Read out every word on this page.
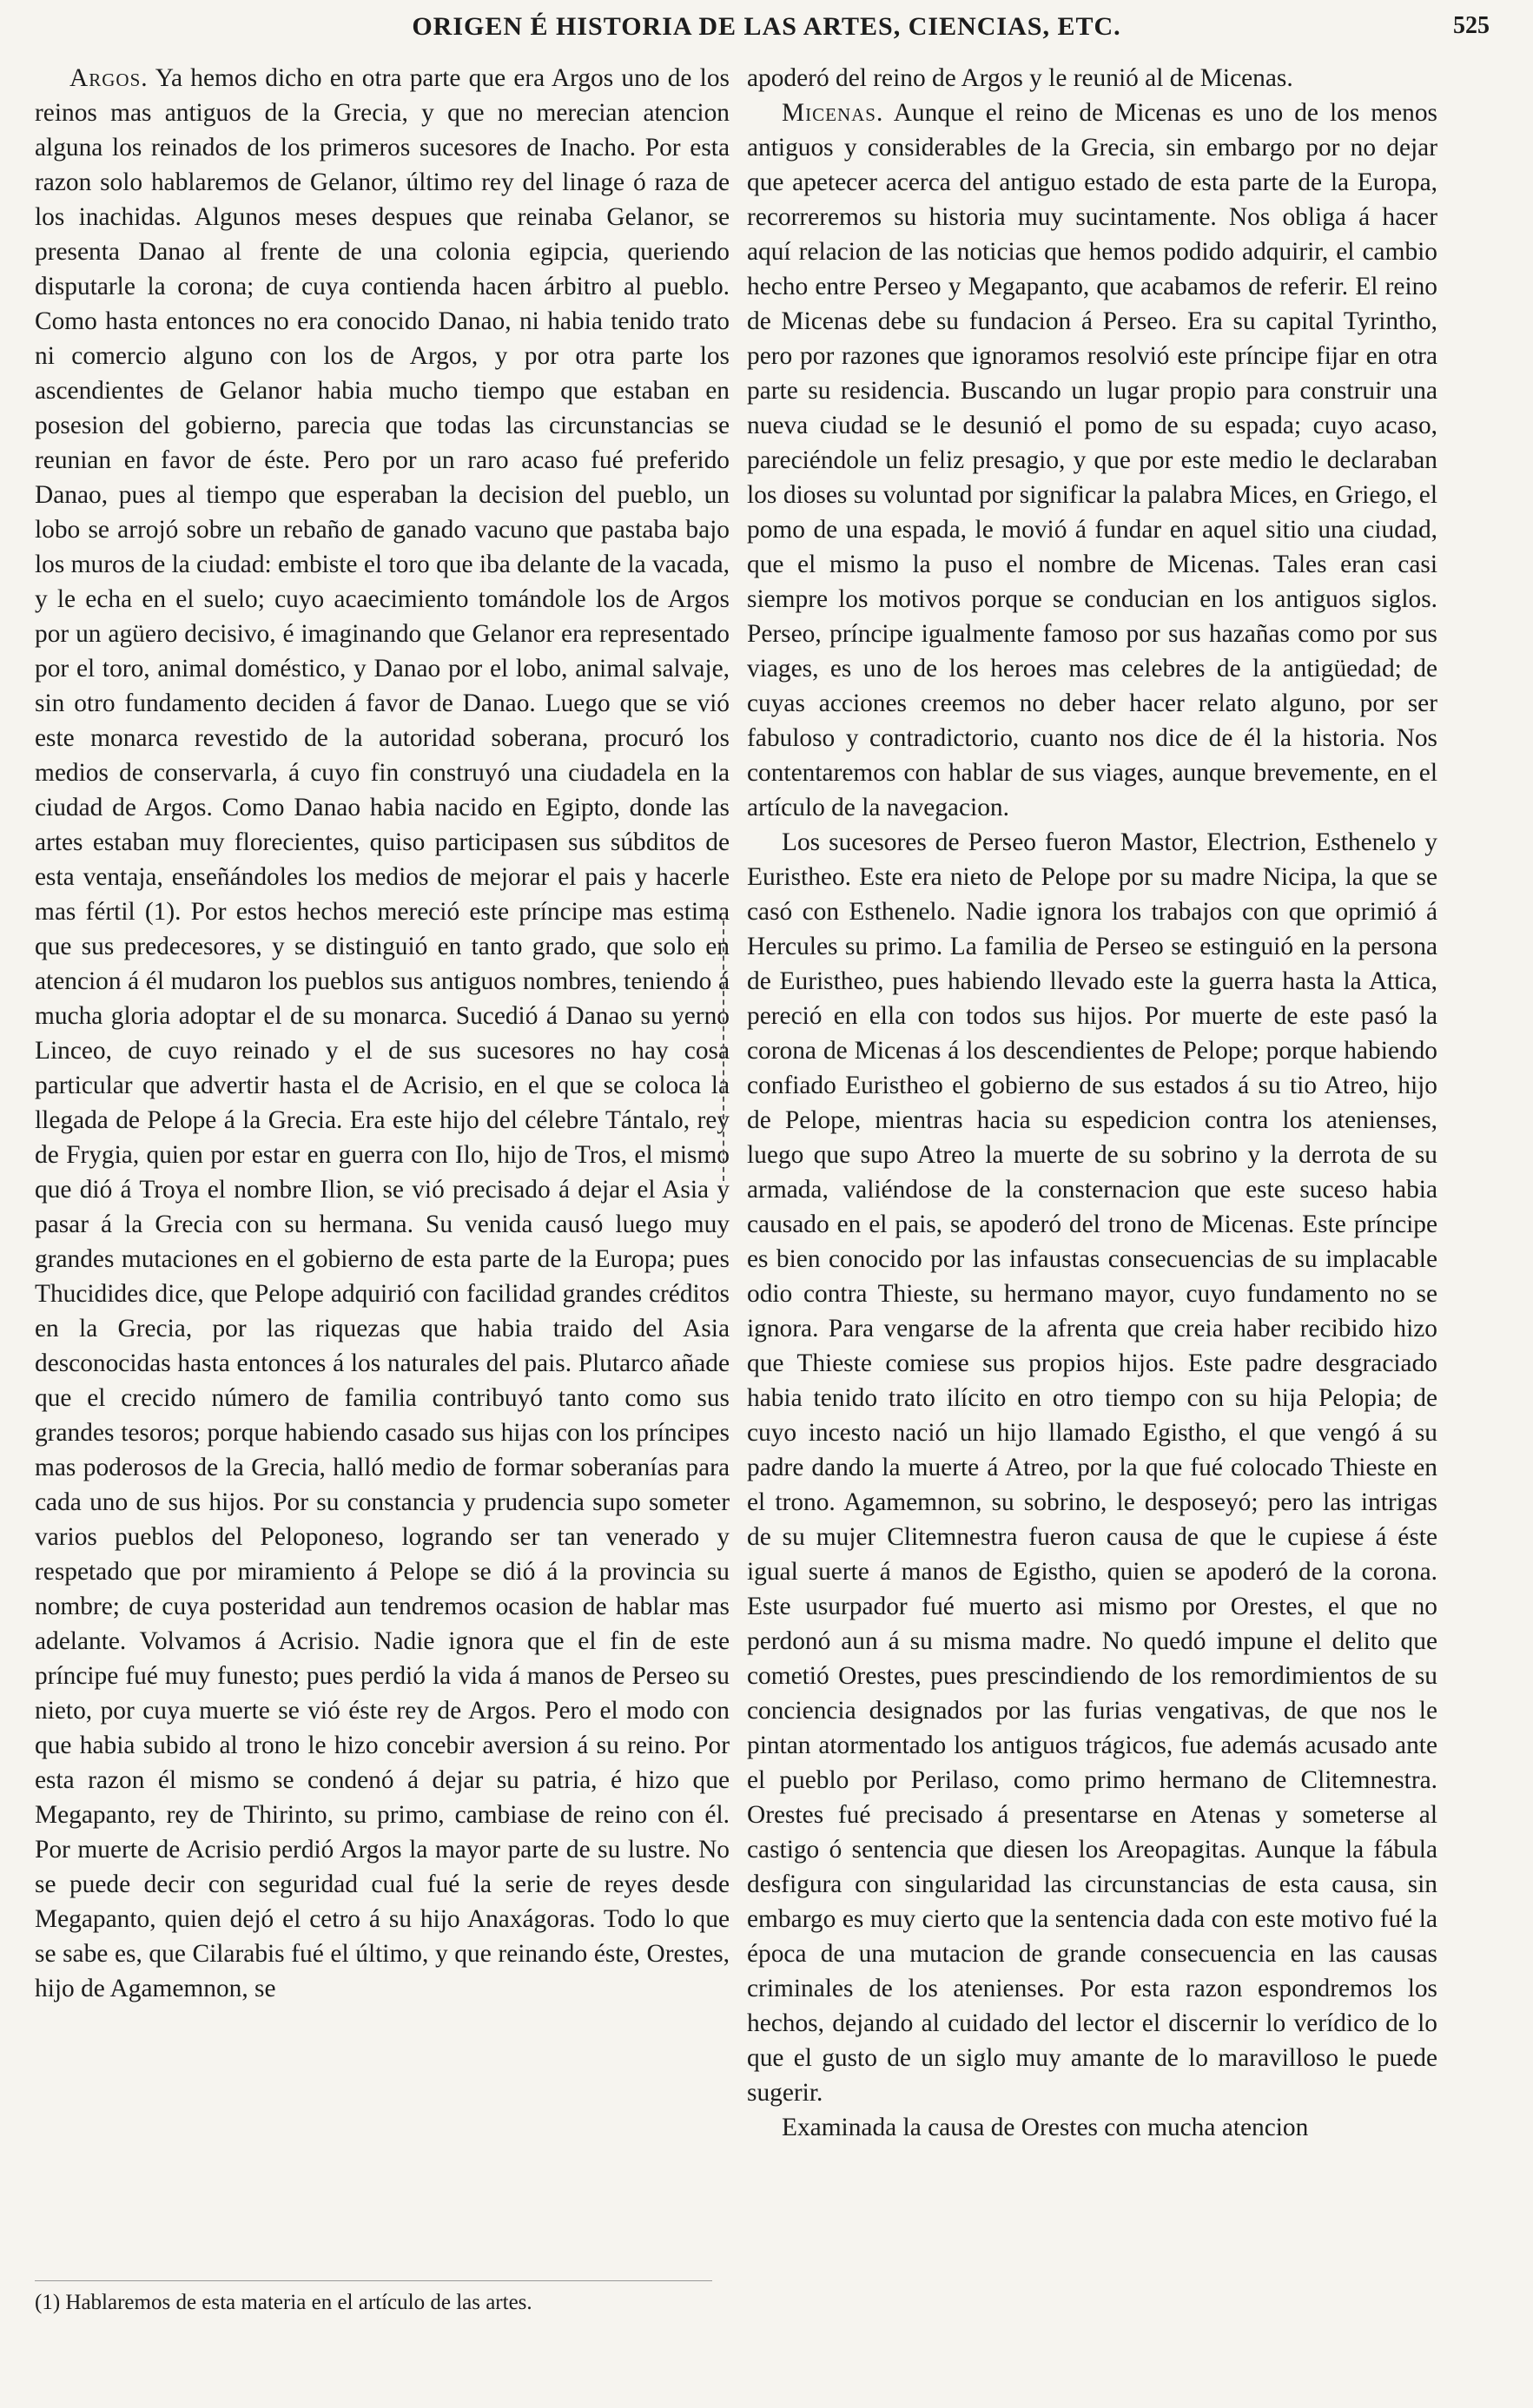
ORIGEN É HISTORIA DE LAS ARTES, CIENCIAS, ETC.	525

Argos. Ya hemos dicho en otra parte que era Argos uno de los reinos mas antiguos de la Grecia, y que no merecian atencion alguna los reinados de los primeros sucesores de Inacho. Por esta razon solo hablaremos de Gelanor, último rey del linage ó raza de los inachidas. Algunos meses despues que reinaba Gelanor, se presenta Danao al frente de una colonia egipcia, queriendo disputarle la corona; de cuya contienda hacen árbitro al pueblo. Como hasta entonces no era conocido Danao, ni habia tenido trato ni comercio alguno con los de Argos, y por otra parte los ascendientes de Gelanor habia mucho tiempo que estaban en posesion del gobierno, parecia que todas las circunstancias se reunian en favor de éste. Pero por un raro acaso fué preferido Danao, pues al tiempo que esperaban la decision del pueblo, un lobo se arrojó sobre un rebaño de ganado vacuno que pastaba bajo los muros de la ciudad: embiste el toro que iba delante de la vacada, y le echa en el suelo; cuyo acaecimiento tomándole los de Argos por un agüero decisivo, é imaginando que Gelanor era representado por el toro, animal doméstico, y Danao por el lobo, animal salvaje, sin otro fundamento deciden á favor de Danao. Luego que se vió este monarca revestido de la autoridad soberana, procuró los medios de conservarla, á cuyo fin construyó una ciudadela en la ciudad de Argos. Como Danao habia nacido en Egipto, donde las artes estaban muy florecientes, quiso participasen sus súbditos de esta ventaja, enseñándoles los medios de mejorar el pais y hacerle mas fértil (1). Por estos hechos mereció este príncipe mas estima que sus predecesores, y se distinguió en tanto grado, que solo en atencion á él mudaron los pueblos sus antiguos nombres, teniendo á mucha gloria adoptar el de su monarca. Sucedió á Danao su yerno Linceo, de cuyo reinado y el de sus sucesores no hay cosa particular que advertir hasta el de Acrisio, en el que se coloca la llegada de Pelope á la Grecia. Era este hijo del célebre Tántalo, rey de Frygia, quien por estar en guerra con Ilo, hijo de Tros, el mismo que dió á Troya el nombre Ilion, se vió precisado á dejar el Asia y pasar á la Grecia con su hermana. Su venida causó luego muy grandes mutaciones en el gobierno de esta parte de la Europa; pues Thucidides dice, que Pelope adquirió con facilidad grandes créditos en la Grecia, por las riquezas que habia traido del Asia desconocidas hasta entonces á los naturales del pais. Plutarco añade que el crecido número de familia contribuyó tanto como sus grandes tesoros; porque habiendo casado sus hijas con los príncipes mas poderosos de la Grecia, halló medio de formar soberanías para cada uno de sus hijos. Por su constancia y prudencia supo someter varios pueblos del Peloponeso, logrando ser tan venerado y respetado que por miramiento á Pelope se dió á la provincia su nombre; de cuya posteridad aun tendremos ocasion de hablar mas adelante. Volvamos á Acrisio. Nadie ignora que el fin de este príncipe fué muy funesto; pues perdió la vida á manos de Perseo su nieto, por cuya muerte se vió éste rey de Argos. Pero el modo con que habia subido al trono le hizo concebir aversion á su reino. Por esta razon él mismo se condenó á dejar su patria, é hizo que Megapanto, rey de Thirinto, su primo, cambiase de reino con él. Por muerte de Acrisio perdió Argos la mayor parte de su lustre. No se puede decir con seguridad cual fué la serie de reyes desde Megapanto, quien dejó el cetro á su hijo Anaxágoras. Todo lo que se sabe es, que Cilarabis fué el último, y que reinando éste, Orestes, hijo de Agamemnon, se

apoderó del reino de Argos y le reunió al de Micenas.

Micenas. Aunque el reino de Micenas es uno de los menos antiguos y considerables de la Grecia, sin embargo por no dejar que apetecer acerca del antiguo estado de esta parte de la Europa, recorreremos su historia muy sucintamente. Nos obliga á hacer aquí relacion de las noticias que hemos podido adquirir, el cambio hecho entre Perseo y Megapanto, que acabamos de referir. El reino de Micenas debe su fundacion á Perseo. Era su capital Tyrintho, pero por razones que ignoramos resolvió este príncipe fijar en otra parte su residencia. Buscando un lugar propio para construir una nueva ciudad se le desunió el pomo de su espada; cuyo acaso, pareciéndole un feliz presagio, y que por este medio le declaraban los dioses su voluntad por significar la palabra Mices, en Griego, el pomo de una espada, le movió á fundar en aquel sitio una ciudad, que el mismo la puso el nombre de Micenas. Tales eran casi siempre los motivos porque se conducian en los antiguos siglos. Perseo, príncipe igualmente famoso por sus hazañas como por sus viages, es uno de los heroes mas celebres de la antigüedad; de cuyas acciones creemos no deber hacer relato alguno, por ser fabuloso y contradictorio, cuanto nos dice de él la historia. Nos contentaremos con hablar de sus viages, aunque brevemente, en el artículo de la navegacion.

Los sucesores de Perseo fueron Mastor, Electrion, Esthenelo y Euristheo. Este era nieto de Pelope por su madre Nicipa, la que se casó con Esthenelo. Nadie ignora los trabajos con que oprimió á Hercules su primo. La familia de Perseo se estinguió en la persona de Euristheo, pues habiendo llevado este la guerra hasta la Attica, pereció en ella con todos sus hijos. Por muerte de este pasó la corona de Micenas á los descendientes de Pelope; porque habiendo confiado Euristheo el gobierno de sus estados á su tio Atreo, hijo de Pelope, mientras hacia su espedicion contra los atenienses, luego que supo Atreo la muerte de su sobrino y la derrota de su armada, valiéndose de la consternacion que este suceso habia causado en el pais, se apoderó del trono de Micenas. Este príncipe es bien conocido por las infaustas consecuencias de su implacable odio contra Thieste, su hermano mayor, cuyo fundamento no se ignora. Para vengarse de la afrenta que creia haber recibido hizo que Thieste comiese sus propios hijos. Este padre desgraciado habia tenido trato ilícito en otro tiempo con su hija Pelopia; de cuyo incesto nació un hijo llamado Egistho, el que vengó á su padre dando la muerte á Atreo, por la que fué colocado Thieste en el trono. Agamemnon, su sobrino, le desposeyó; pero las intrigas de su mujer Clitemnestra fueron causa de que le cupiese á éste igual suerte á manos de Egistho, quien se apoderó de la corona. Este usurpador fué muerto asi mismo por Orestes, el que no perdonó aun á su misma madre. No quedó impune el delito que cometió Orestes, pues prescindiendo de los remordimientos de su conciencia designados por las furias vengativas, de que nos le pintan atormentado los antiguos trágicos, fue además acusado ante el pueblo por Perilaso, como primo hermano de Clitemnestra. Orestes fué precisado á presentarse en Atenas y someterse al castigo ó sentencia que diesen los Areopagitas. Aunque la fábula desfigura con singularidad las circunstancias de esta causa, sin embargo es muy cierto que la sentencia dada con este motivo fué la época de una mutacion de grande consecuencia en las causas criminales de los atenienses. Por esta razon espondremos los hechos, dejando al cuidado del lector el discernir lo verídico de lo que el gusto de un siglo muy amante de lo maravilloso le puede sugerir.

Examinada la causa de Orestes con mucha atencion

(1) Hablaremos de esta materia en el artículo de las artes.
